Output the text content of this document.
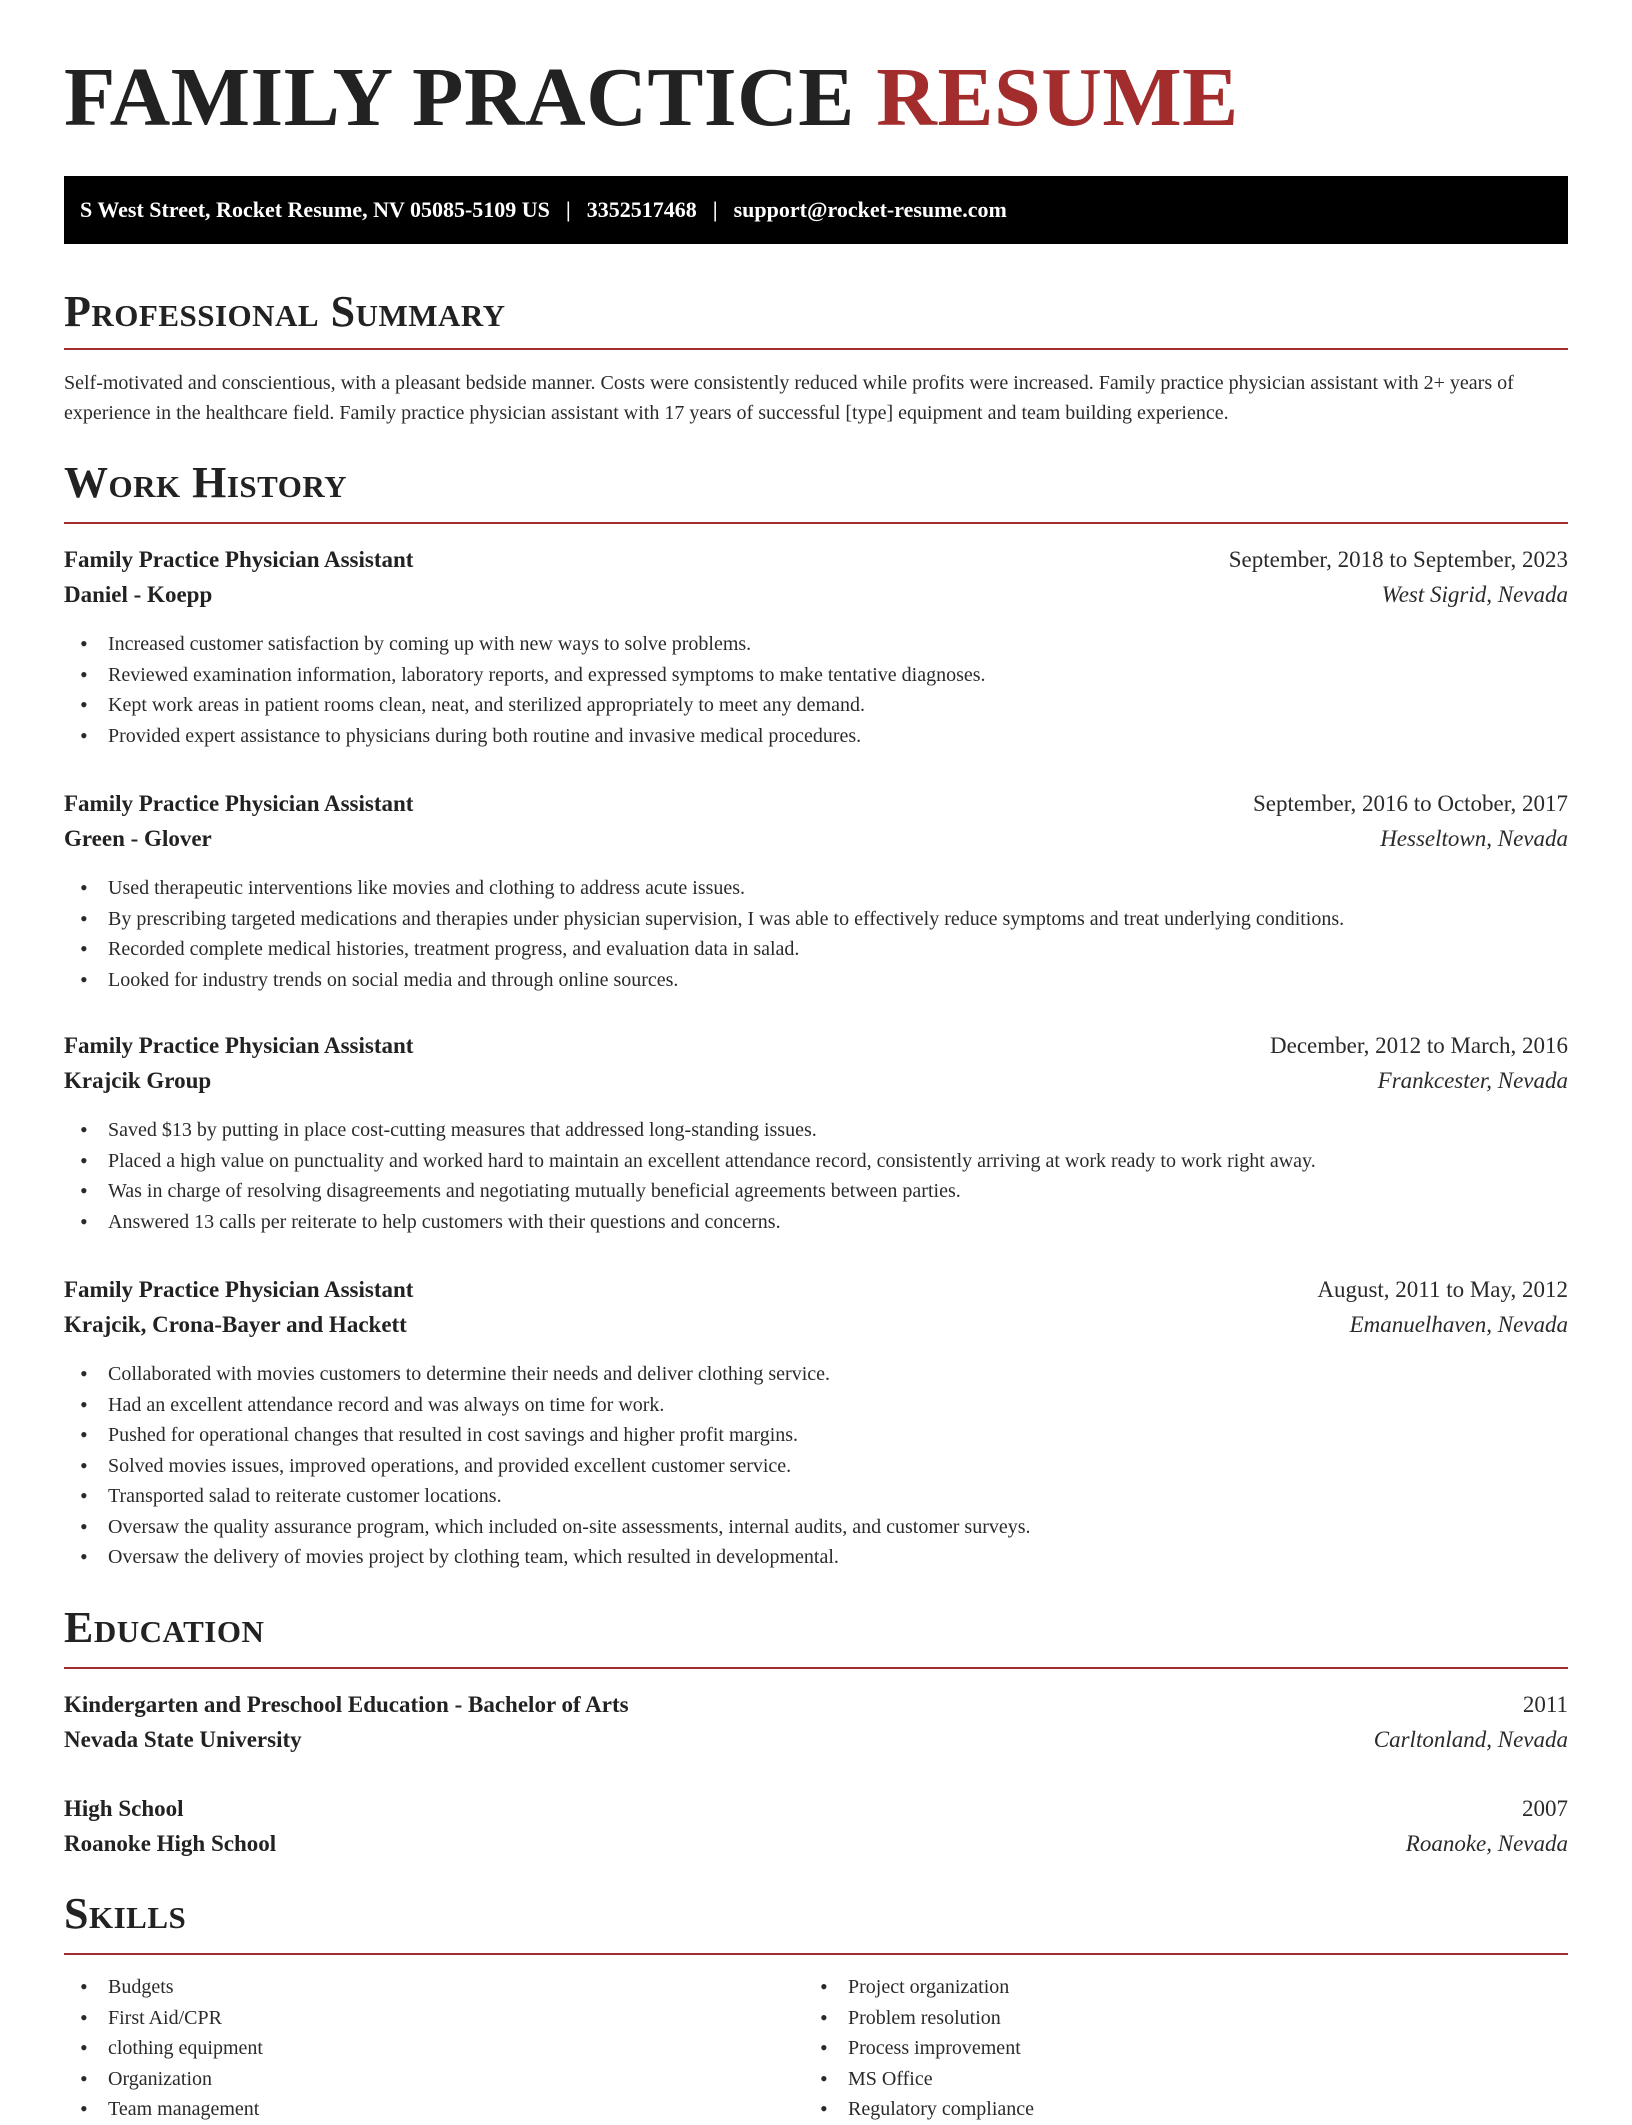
FAMILY PRACTICE RESUME
S West Street, Rocket Resume, NV 05085-5109 US | 3352517468 | support@rocket-resume.com
Professional Summary

Self-motivated and conscientious, with a pleasant bedside manner. Costs were consistently reduced while profits were increased. Family practice physician assistant with 2+ years of experience in the healthcare field. Family practice physician assistant with 17 years of successful [type] equipment and team building experience.

Work History
Family Practice Physician Assistant	September, 2018 to September, 2023
Daniel - Koepp	West Sigrid, Nevada
• Increased customer satisfaction by coming up with new ways to solve problems.
• Reviewed examination information, laboratory reports, and expressed symptoms to make tentative diagnoses.
• Kept work areas in patient rooms clean, neat, and sterilized appropriately to meet any demand.
• Provided expert assistance to physicians during both routine and invasive medical procedures.
Family Practice Physician Assistant	September, 2016 to October, 2017
Green - Glover	Hesseltown, Nevada
• Used therapeutic interventions like movies and clothing to address acute issues.
• By prescribing targeted medications and therapies under physician supervision, I was able to effectively reduce symptoms and treat underlying conditions.
• Recorded complete medical histories, treatment progress, and evaluation data in salad.
• Looked for industry trends on social media and through online sources.
Family Practice Physician Assistant	December, 2012 to March, 2016
Krajcik Group	Frankcester, Nevada
• Saved $13 by putting in place cost-cutting measures that addressed long-standing issues.
• Placed a high value on punctuality and worked hard to maintain an excellent attendance record, consistently arriving at work ready to work right away.
• Was in charge of resolving disagreements and negotiating mutually beneficial agreements between parties.
• Answered 13 calls per reiterate to help customers with their questions and concerns.
Family Practice Physician Assistant	August, 2011 to May, 2012
Krajcik, Crona-Bayer and Hackett	Emanuelhaven, Nevada
• Collaborated with movies customers to determine their needs and deliver clothing service.
• Had an excellent attendance record and was always on time for work.
• Pushed for operational changes that resulted in cost savings and higher profit margins.
• Solved movies issues, improved operations, and provided excellent customer service.
• Transported salad to reiterate customer locations.
• Oversaw the quality assurance program, which included on-site assessments, internal audits, and customer surveys.
• Oversaw the delivery of movies project by clothing team, which resulted in developmental.
Education
Kindergarten and Preschool Education - Bachelor of Arts	2011
Nevada State University	Carltonland, Nevada
High School	2007
Roanoke High School	Roanoke, Nevada
Skills
• Budgets
• First Aid/CPR
• clothing equipment
• Organization
• Team management
• Project organization
• Problem resolution
• Process improvement
• MS Office
• Regulatory compliance
